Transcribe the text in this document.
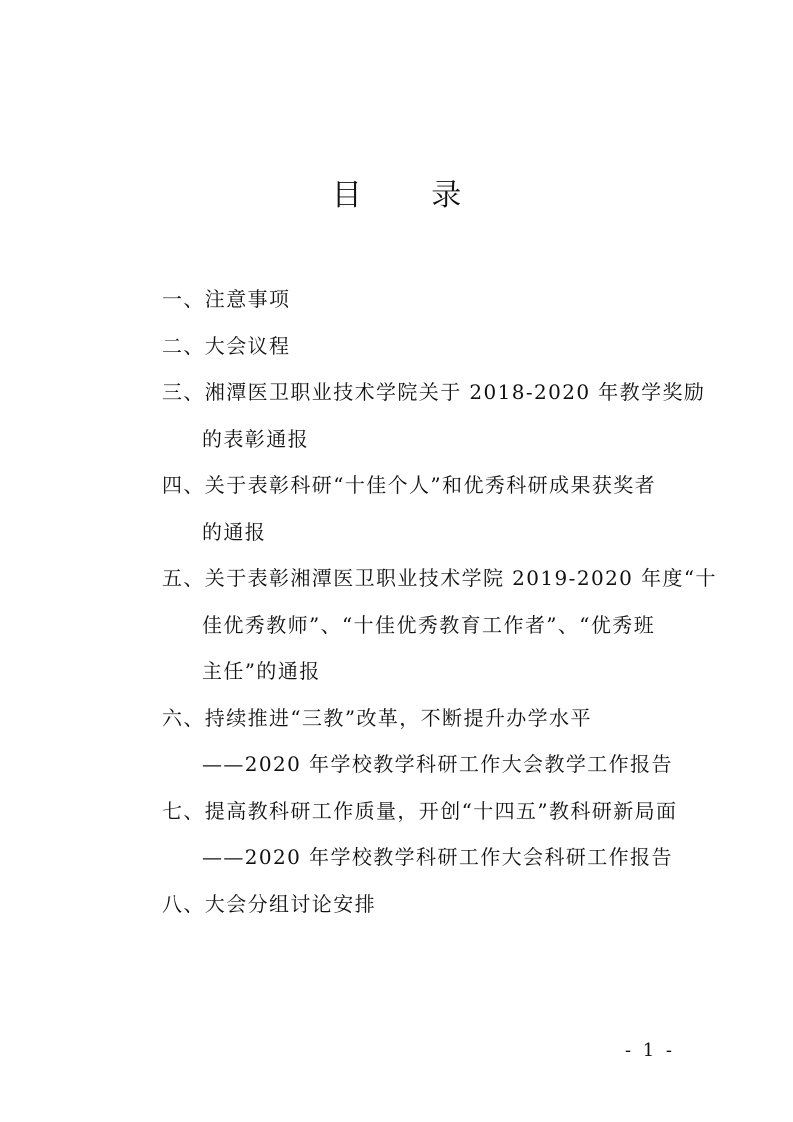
目 录
一、注意事项
二、大会议程
三、湘潭医卫职业技术学院关于 2018-2020 年教学奖励
的表彰通报
四、关于表彰科研“十佳个人”和优秀科研成果获奖者
的通报
五、关于表彰湘潭医卫职业技术学院 2019-2020 年度“十
佳优秀教师”、“十佳优秀教育工作者”、“优秀班
主任”的通报
六、持续推进“三教”改革，不断提升办学水平
——2020 年学校教学科研工作大会教学工作报告
七、提高教科研工作质量，开创“十四五”教科研新局面
——2020 年学校教学科研工作大会科研工作报告
八、大会分组讨论安排
- 1 -
